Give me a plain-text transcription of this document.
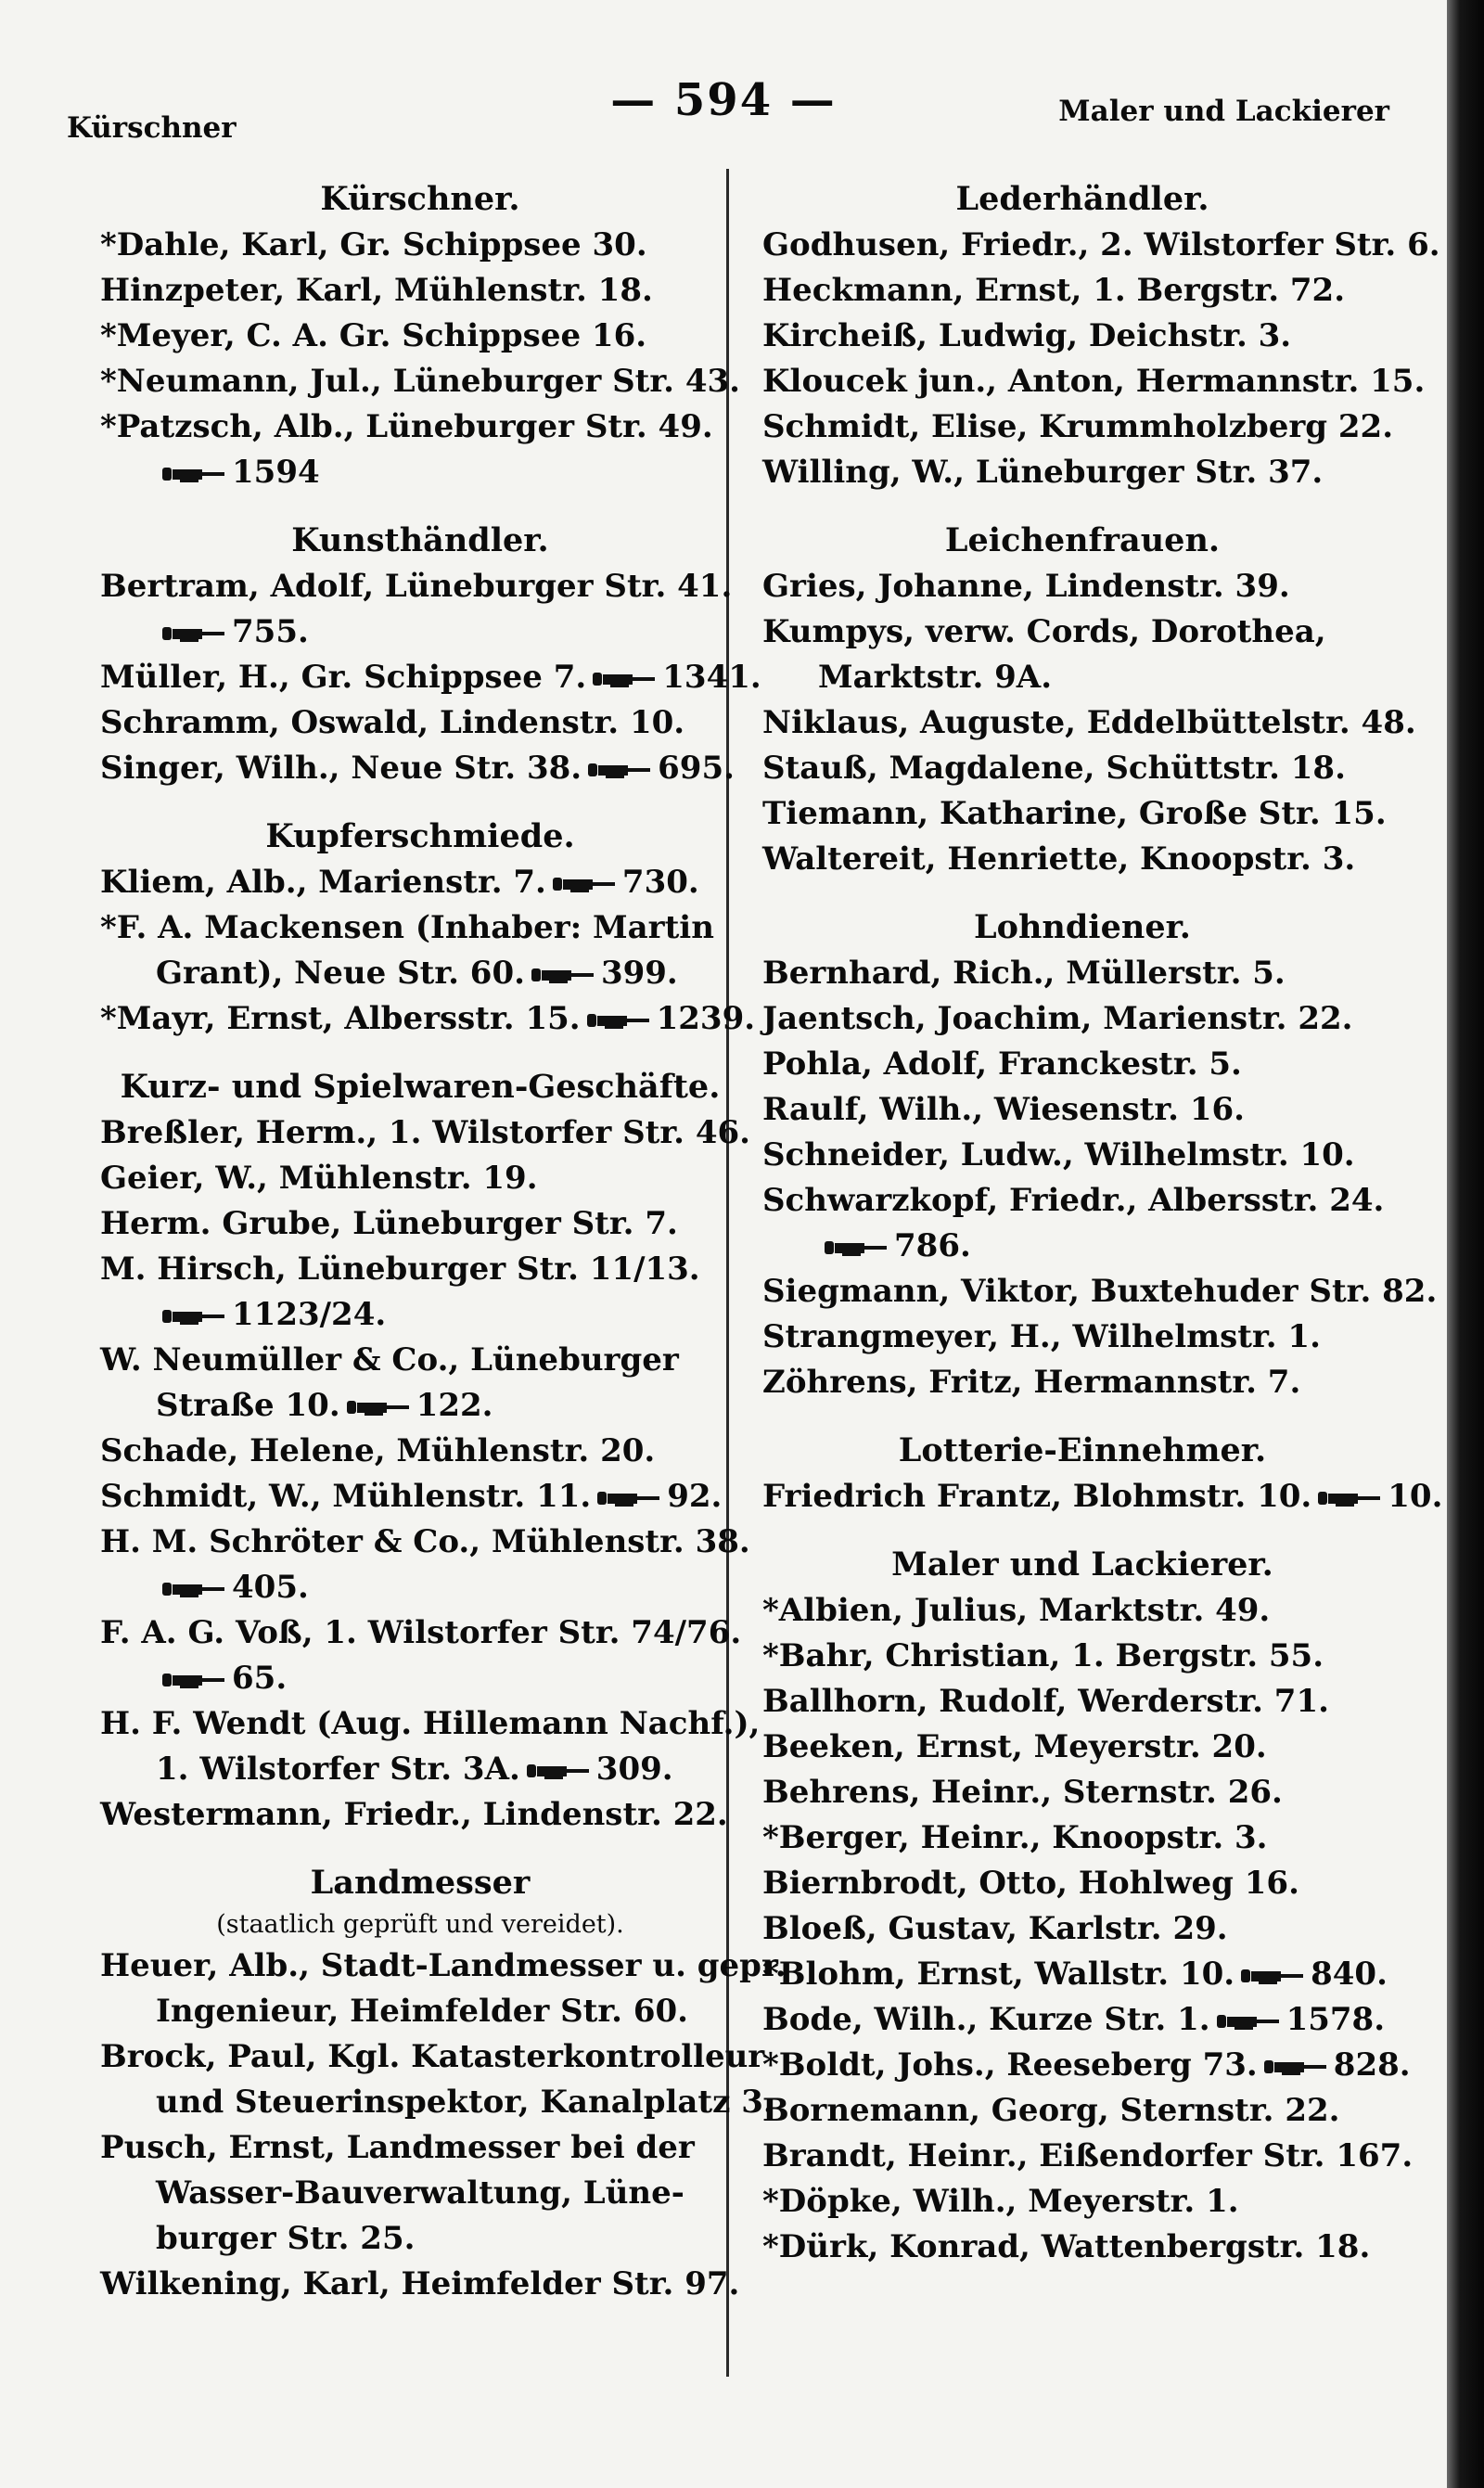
Kürschner
— 594 —	Maler und Lackierer
Kürschner.
*Dahle, Karl, Gr. Schippsee 30.
Hinzpeter, Karl, Mühlenstr. 18.
*Meyer, C. A. Gr. Schippsee 16.
*Neumann, Jul., Lüneburger Str. 43.
*Patzsch, Alb., Lüneburger Str. 49.
1594
Kunsthändler.
Bertram, Adolf, Lüneburger Str. 41.
755.
Müller, H., Gr. Schippsee 7. 1341.
Schramm, Oswald, Lindenstr. 10.
Singer, Wilh., Neue Str. 38. 695.
Kupferschmiede.
Kliem, Alb., Marienstr. 7. 730.
*F. A. Mackensen (Inhaber: Martin
Grant), Neue Str. 60. 399.
*Mayr, Ernst, Albersstr. 15. 1239.
Kurz- und Spielwaren-Geschäfte.
Breßler, Herm., 1. Wilstorfer Str. 46.
Geier, W., Mühlenstr. 19.
Herm. Grube, Lüneburger Str. 7.
M. Hirsch, Lüneburger Str. 11/13.
1123/24.
W. Neumüller & Co., Lüneburger
Straße 10. 122.
Schade, Helene, Mühlenstr. 20.
Schmidt, W., Mühlenstr. 11. 92.
H. M. Schröter & Co., Mühlenstr. 38.
405.
F. A. G. Voß, 1. Wilstorfer Str. 74/76.
65.
H. F. Wendt (Aug. Hillemann Nachf.),
1. Wilstorfer Str. 3A. 309.
Westermann, Friedr., Lindenstr. 22.
Landmesser
(staatlich geprüft und vereidet).
Heuer, Alb., Stadt-Landmesser u. gepr.
Ingenieur, Heimfelder Str. 60.
Brock, Paul, Kgl. Katasterkontrolleur
und Steuerinspektor, Kanalplatz 3.
Pusch, Ernst, Landmesser bei der
Wasser-Bauverwaltung, Lüne-
burger Str. 25.
Wilkening, Karl, Heimfelder Str. 97.
Lederhändler.
Godhusen, Friedr., 2. Wilstorfer Str. 6.
Heckmann, Ernst, 1. Bergstr. 72.
Kircheiß, Ludwig, Deichstr. 3.
Kloucek jun., Anton, Hermannstr. 15.
Schmidt, Elise, Krummholzberg 22.
Willing, W., Lüneburger Str. 37.
Leichenfrauen.
Gries, Johanne, Lindenstr. 39.
Kumpys, verw. Cords, Dorothea,
Marktstr. 9A.
Niklaus, Auguste, Eddelbüttelstr. 48.
Stauß, Magdalene, Schüttstr. 18.
Tiemann, Katharine, Große Str. 15.
Waltereit, Henriette, Knoopstr. 3.
Lohndiener.
Bernhard, Rich., Müllerstr. 5.
Jaentsch, Joachim, Marienstr. 22.
Pohla, Adolf, Franckestr. 5.
Raulf, Wilh., Wiesenstr. 16.
Schneider, Ludw., Wilhelmstr. 10.
Schwarzkopf, Friedr., Albersstr. 24.
786.
Siegmann, Viktor, Buxtehuder Str. 82.
Strangmeyer, H., Wilhelmstr. 1.
Zöhrens, Fritz, Hermannstr. 7.
Lotterie-Einnehmer.
Friedrich Frantz, Blohmstr. 10. 10.
Maler und Lackierer.
*Albien, Julius, Marktstr. 49.
*Bahr, Christian, 1. Bergstr. 55.
Ballhorn, Rudolf, Werderstr. 71.
Beeken, Ernst, Meyerstr. 20.
Behrens, Heinr., Sternstr. 26.
*Berger, Heinr., Knoopstr. 3.
Biernbrodt, Otto, Hohlweg 16.
Bloeß, Gustav, Karlstr. 29.
*Blohm, Ernst, Wallstr. 10. 840.
Bode, Wilh., Kurze Str. 1. 1578.
*Boldt, Johs., Reeseberg 73. 828.
Bornemann, Georg, Sternstr. 22.
Brandt, Heinr., Eißendorfer Str. 167.
*Döpke, Wilh., Meyerstr. 1.
*Dürk, Konrad, Wattenbergstr. 18.
